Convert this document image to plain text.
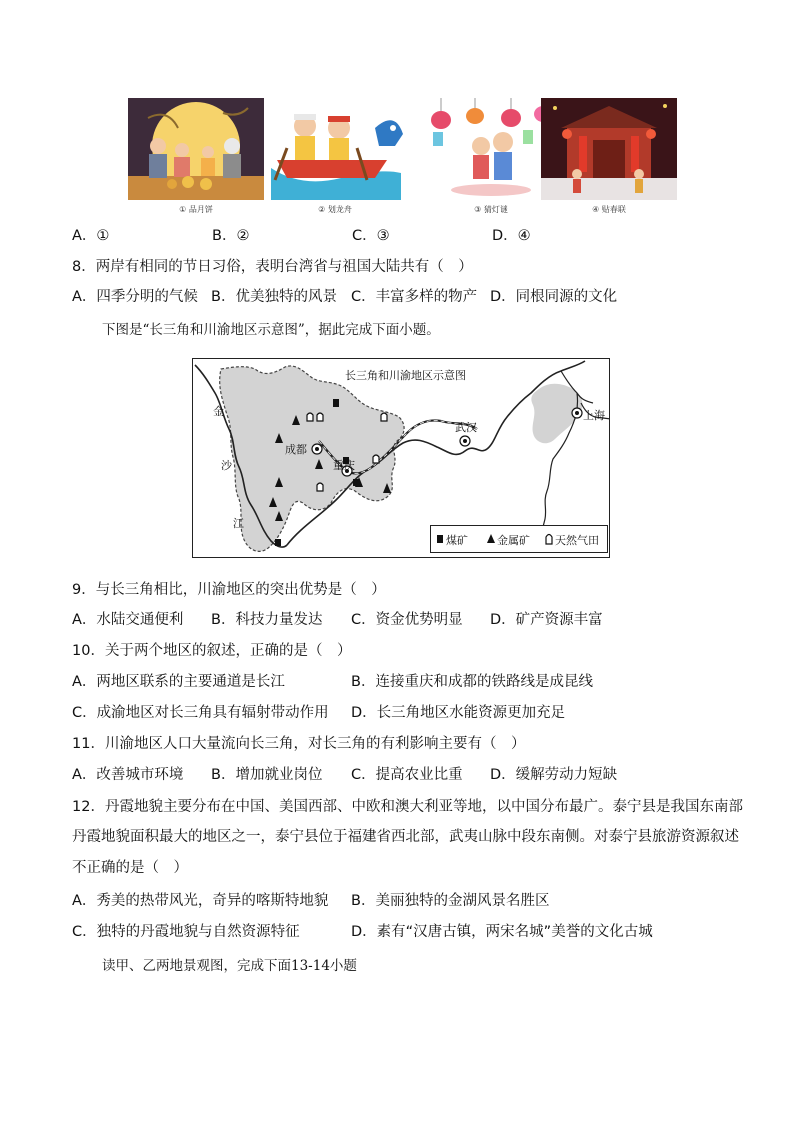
① 品月饼	② 划龙舟	③ 猜灯谜	④ 贴春联
A．①	B．②	C．③	D．④
8．两岸有相同的节日习俗，表明台湾省与祖国大陆共有（　）
A．四季分明的气候 B．优美独特的风景 C．丰富多样的物产 D．同根同源的文化
下图是“长三角和川渝地区示意图”，据此完成下面小题。
长三角和川渝地区示意图
金
沙
江
成都
重庆
武汉
上海
煤矿	金属矿 天然气田
9．与长三角相比，川渝地区的突出优势是（　）
A．水陆交通便利 B．科技力量发达 C．资金优势明显 D．矿产资源丰富
10．关于两个地区的叙述，正确的是（　）
A．两地区联系的主要通道是长江	B．连接重庆和成都的铁路线是成昆线
C．成渝地区对长三角具有辐射带动作用 D．长三角地区水能资源更加充足
11．川渝地区人口大量流向长三角，对长三角的有利影响主要有（　）
A．改善城市环境 B．增加就业岗位 C．提高农业比重 D．缓解劳动力短缺
12．丹霞地貌主要分布在中国、美国西部、中欧和澳大利亚等地，以中国分布最广。泰宁县是我国东南部
丹霞地貌面积最大的地区之一，泰宁县位于福建省西北部，武夷山脉中段东南侧。对泰宁县旅游资源叙述
不正确的是（　）
A．秀美的热带风光，奇异的喀斯特地貌 B．美丽独特的金湖风景名胜区
C．独特的丹霞地貌与自然资源特征	D．素有“汉唐古镇，两宋名城”美誉的文化古城
读甲、乙两地景观图，完成下面13-14小题
